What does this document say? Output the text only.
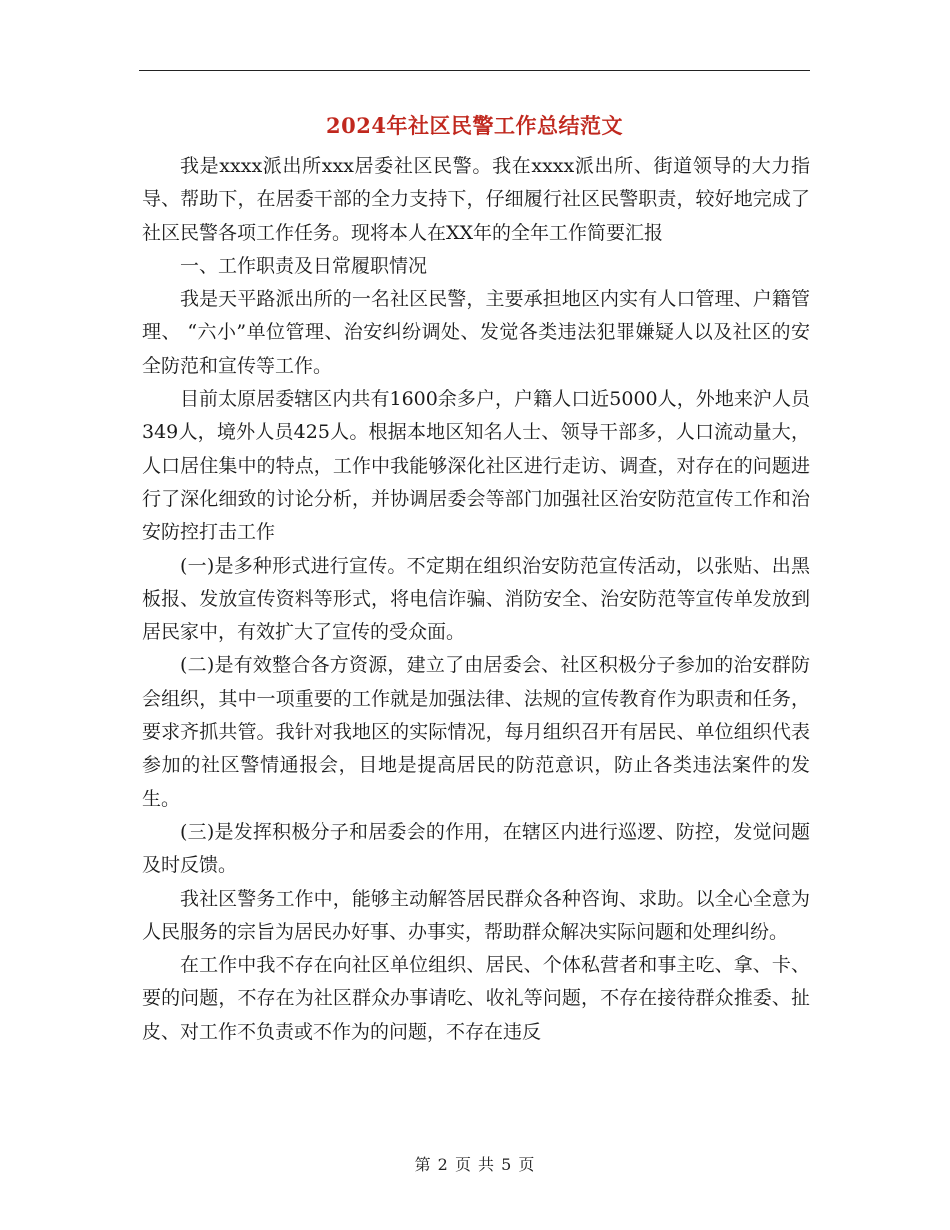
2024年社区民警工作总结范文

我是xxxx派出所xxx居委社区民警。我在xxxx派出所、街道领导的大力指导、帮助下，在居委干部的全力支持下，仔细履行社区民警职责，较好地完成了社区民警各项工作任务。现将本人在XX年的全年工作简要汇报

一、工作职责及日常履职情况

我是天平路派出所的一名社区民警，主要承担地区内实有人口管理、户籍管理、 “六小”单位管理、治安纠纷调处、发觉各类违法犯罪嫌疑人以及社区的安全防范和宣传等工作。

目前太原居委辖区内共有1600余多户，户籍人口近5000人，外地来沪人员349人，境外人员425人。根据本地区知名人士、领导干部多，人口流动量大，人口居住集中的特点，工作中我能够深化社区进行走访、调查，对存在的问题进行了深化细致的讨论分析，并协调居委会等部门加强社区治安防范宣传工作和治安防控打击工作

(一)是多种形式进行宣传。不定期在组织治安防范宣传活动，以张贴、出黑板报、发放宣传资料等形式，将电信诈骗、消防安全、治安防范等宣传单发放到居民家中，有效扩大了宣传的受众面。

(二)是有效整合各方资源，建立了由居委会、社区积极分子参加的治安群防会组织，其中一项重要的工作就是加强法律、法规的宣传教育作为职责和任务，要求齐抓共管。我针对我地区的实际情况，每月组织召开有居民、单位组织代表参加的社区警情通报会，目地是提高居民的防范意识，防止各类违法案件的发生。

(三)是发挥积极分子和居委会的作用，在辖区内进行巡逻、防控，发觉问题及时反馈。

我社区警务工作中，能够主动解答居民群众各种咨询、求助。以全心全意为人民服务的宗旨为居民办好事、办事实，帮助群众解决实际问题和处理纠纷。

在工作中我不存在向社区单位组织、居民、个体私营者和事主吃、拿、卡、要的问题，不存在为社区群众办事请吃、收礼等问题，不存在接待群众推委、扯皮、对工作不负责或不作为的问题，不存在违反

第 2 页 共 5 页
